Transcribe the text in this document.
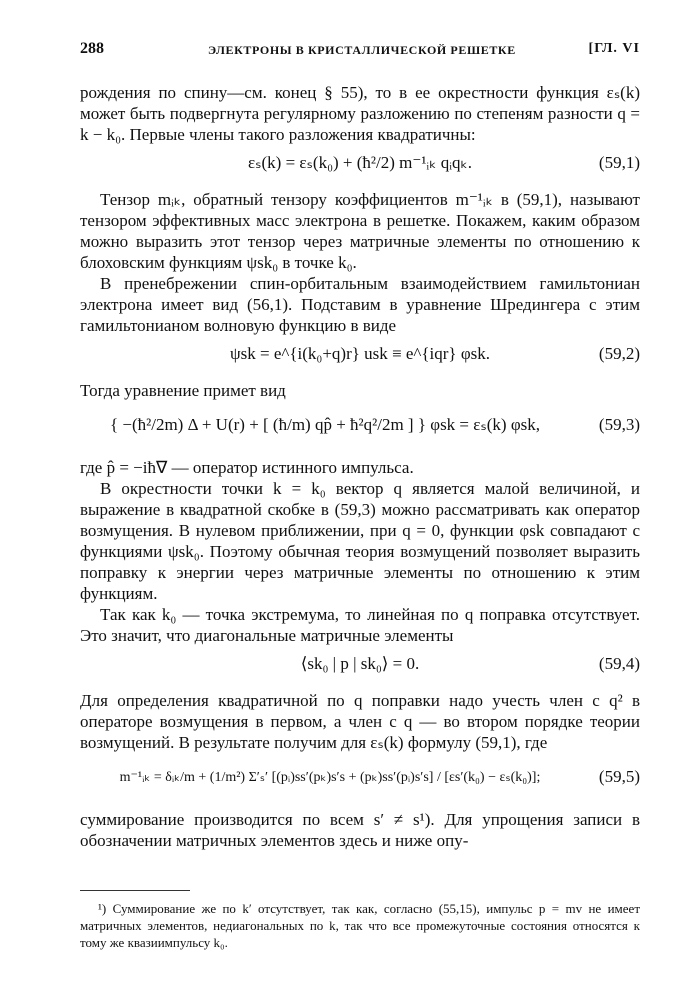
288	ЭЛЕКТРОНЫ В КРИСТАЛЛИЧЕСКОЙ РЕШЕТКЕ	[ГЛ. VI

рождения по спину—см. конец § 55), то в ее окрестности функция εₛ(k) может быть подвергнута регулярному разложению по степеням разности q = k − k₀. Первые члены такого разложения квадратичны:

εₛ(k) = εₛ(k₀) + (ħ²/2) m⁻¹ᵢₖ qᵢqₖ.	(59,1)

Тензор mᵢₖ, обратный тензору коэффициентов m⁻¹ᵢₖ в (59,1), называют тензором эффективных масс электрона в решетке. Покажем, каким образом можно выразить этот тензор через матричные элементы по отношению к блоховским функциям ψsk₀ в точке k₀.

В пренебрежении спин-орбитальным взаимодействием гамильтониан электрона имеет вид (56,1). Подставим в уравнение Шредингера с этим гамильтонианом волновую функцию в виде

ψsk = e^{i(k₀+q)r} usk ≡ e^{iqr} φsk.	(59,2)

Тогда уравнение примет вид

{ −(ħ²/2m) Δ + U(r) + [ (ħ/m) qp̂ + ħ²q²/2m ] } φsk = εₛ(k) φsk,	(59,3)

где p̂ = −iħ∇ — оператор истинного импульса.

В окрестности точки k = k₀ вектор q является малой величиной, и выражение в квадратной скобке в (59,3) можно рассматривать как оператор возмущения. В нулевом приближении, при q = 0, функции φsk совпадают с функциями ψsk₀. Поэтому обычная теория возмущений позволяет выразить поправку к энергии через матричные элементы по отношению к этим функциям.

Так как k₀ — точка экстремума, то линейная по q поправка отсутствует. Это значит, что диагональные матричные элементы

⟨sk₀ | p | sk₀⟩ = 0.	(59,4)

Для определения квадратичной по q поправки надо учесть член с q² в операторе возмущения в первом, а член с q — во втором порядке теории возмущений. В результате получим для εₛ(k) формулу (59,1), где

m⁻¹ᵢₖ = δᵢₖ/m + (1/m²) Σ′ₛ′ [(pᵢ)ss′(pₖ)s′s + (pₖ)ss′(pᵢ)s′s] / [εs′(k₀) − εₛ(k₀)];	(59,5)

суммирование производится по всем s′ ≠ s¹). Для упрощения записи в обозначении матричных элементов здесь и ниже опу-

¹) Суммирование же по k′ отсутствует, так как, согласно (55,15), импульс p = mv не имеет матричных элементов, недиагональных по k, так что все промежуточные состояния относятся к тому же квазиимпульсу k₀.
